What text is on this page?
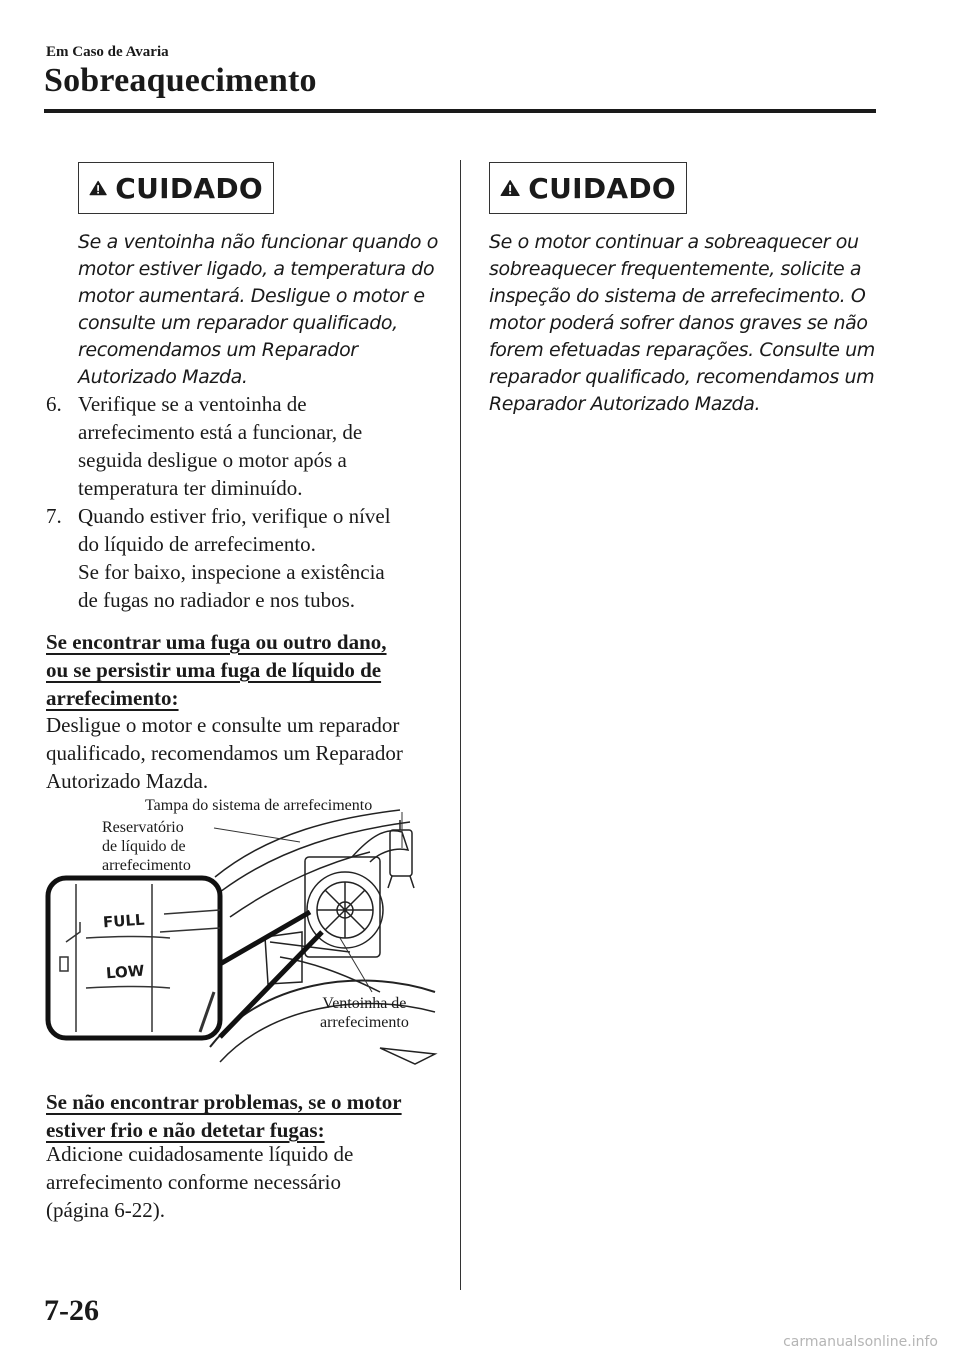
Em Caso de Avaria
Sobreaquecimento
CUIDADO
Se a ventoinha não funcionar quando o
motor estiver ligado, a temperatura do
motor aumentará. Desligue o motor e
consulte um reparador qualificado,
recomendamos um Reparador
Autorizado Mazda.
6. Verifique se a ventoinha de
arrefecimento está a funcionar, de
seguida desligue o motor após a
temperatura ter diminuído.
7. Quando estiver frio, verifique o nível
do líquido de arrefecimento.
Se for baixo, inspecione a existência
de fugas no radiador e nos tubos.
Se encontrar uma fuga ou outro dano,
ou se persistir uma fuga de líquido de
arrefecimento:
Desligue o motor e consulte um reparador
qualificado, recomendamos um Reparador
Autorizado Mazda.
FULL
LOW
Tampa do sistema de arrefecimento
Reservatório
de líquido de
arrefecimento
Ventoinha de
arrefecimento
Se não encontrar problemas, se o motor
estiver frio e não detetar fugas:
Adicione cuidadosamente líquido de
arrefecimento conforme necessário
(página 6-22).
CUIDADO
Se o motor continuar a sobreaquecer ou
sobreaquecer frequentemente, solicite a
inspeção do sistema de arrefecimento. O
motor poderá sofrer danos graves se não
forem efetuadas reparações. Consulte um
reparador qualificado, recomendamos um
Reparador Autorizado Mazda.
7-26
carmanualsonline.info
